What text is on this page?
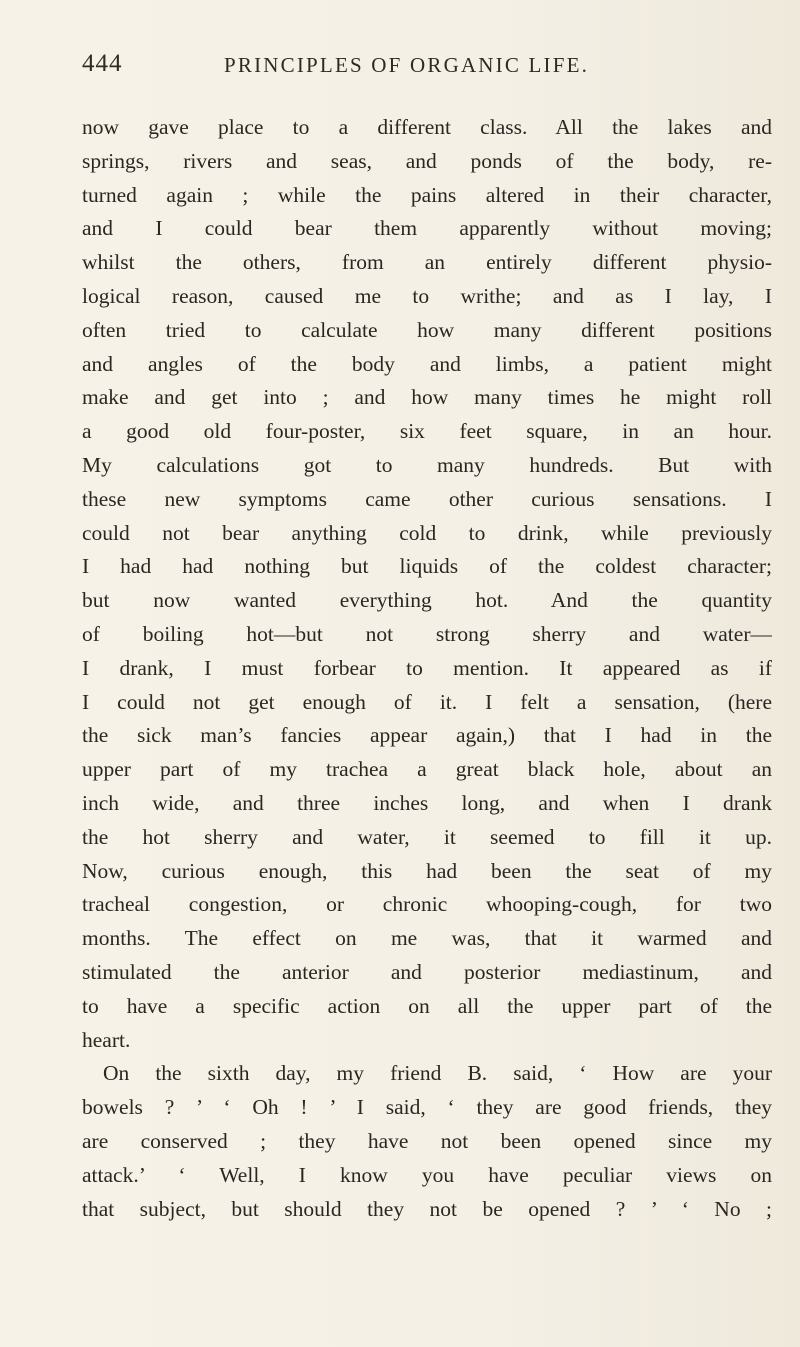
444	PRINCIPLES OF ORGANIC LIFE.
now gave place to a different class. All the lakes and
springs, rivers and seas, and ponds of the body, re-
turned again ; while the pains altered in their character,
and I could bear them apparently without moving;
whilst the others, from an entirely different physio-
logical reason, caused me to writhe; and as I lay, I
often tried to calculate how many different positions
and angles of the body and limbs, a patient might
make and get into ; and how many times he might roll
a good old four-poster, six feet square, in an hour.
My calculations got to many hundreds. But with
these new symptoms came other curious sensations. I
could not bear anything cold to drink, while previously
I had had nothing but liquids of the coldest character;
but now wanted everything hot. And the quantity
of boiling hot—but not strong sherry and water—
I drank, I must forbear to mention. It appeared as if
I could not get enough of it. I felt a sensation, (here
the sick man’s fancies appear again,) that I had in the
upper part of my trachea a great black hole, about an
inch wide, and three inches long, and when I drank
the hot sherry and water, it seemed to fill it up.
Now, curious enough, this had been the seat of my
tracheal congestion, or chronic whooping-cough, for two
months. The effect on me was, that it warmed and
stimulated the anterior and posterior mediastinum, and
to have a specific action on all the upper part of the
heart.
On the sixth day, my friend B. said, ‘ How are your
bowels ? ’ ‘ Oh ! ’ I said, ‘ they are good friends, they
are conserved ; they have not been opened since my
attack.’ ‘ Well, I know you have peculiar views on
that subject, but should they not be opened ? ’ ‘ No ;
